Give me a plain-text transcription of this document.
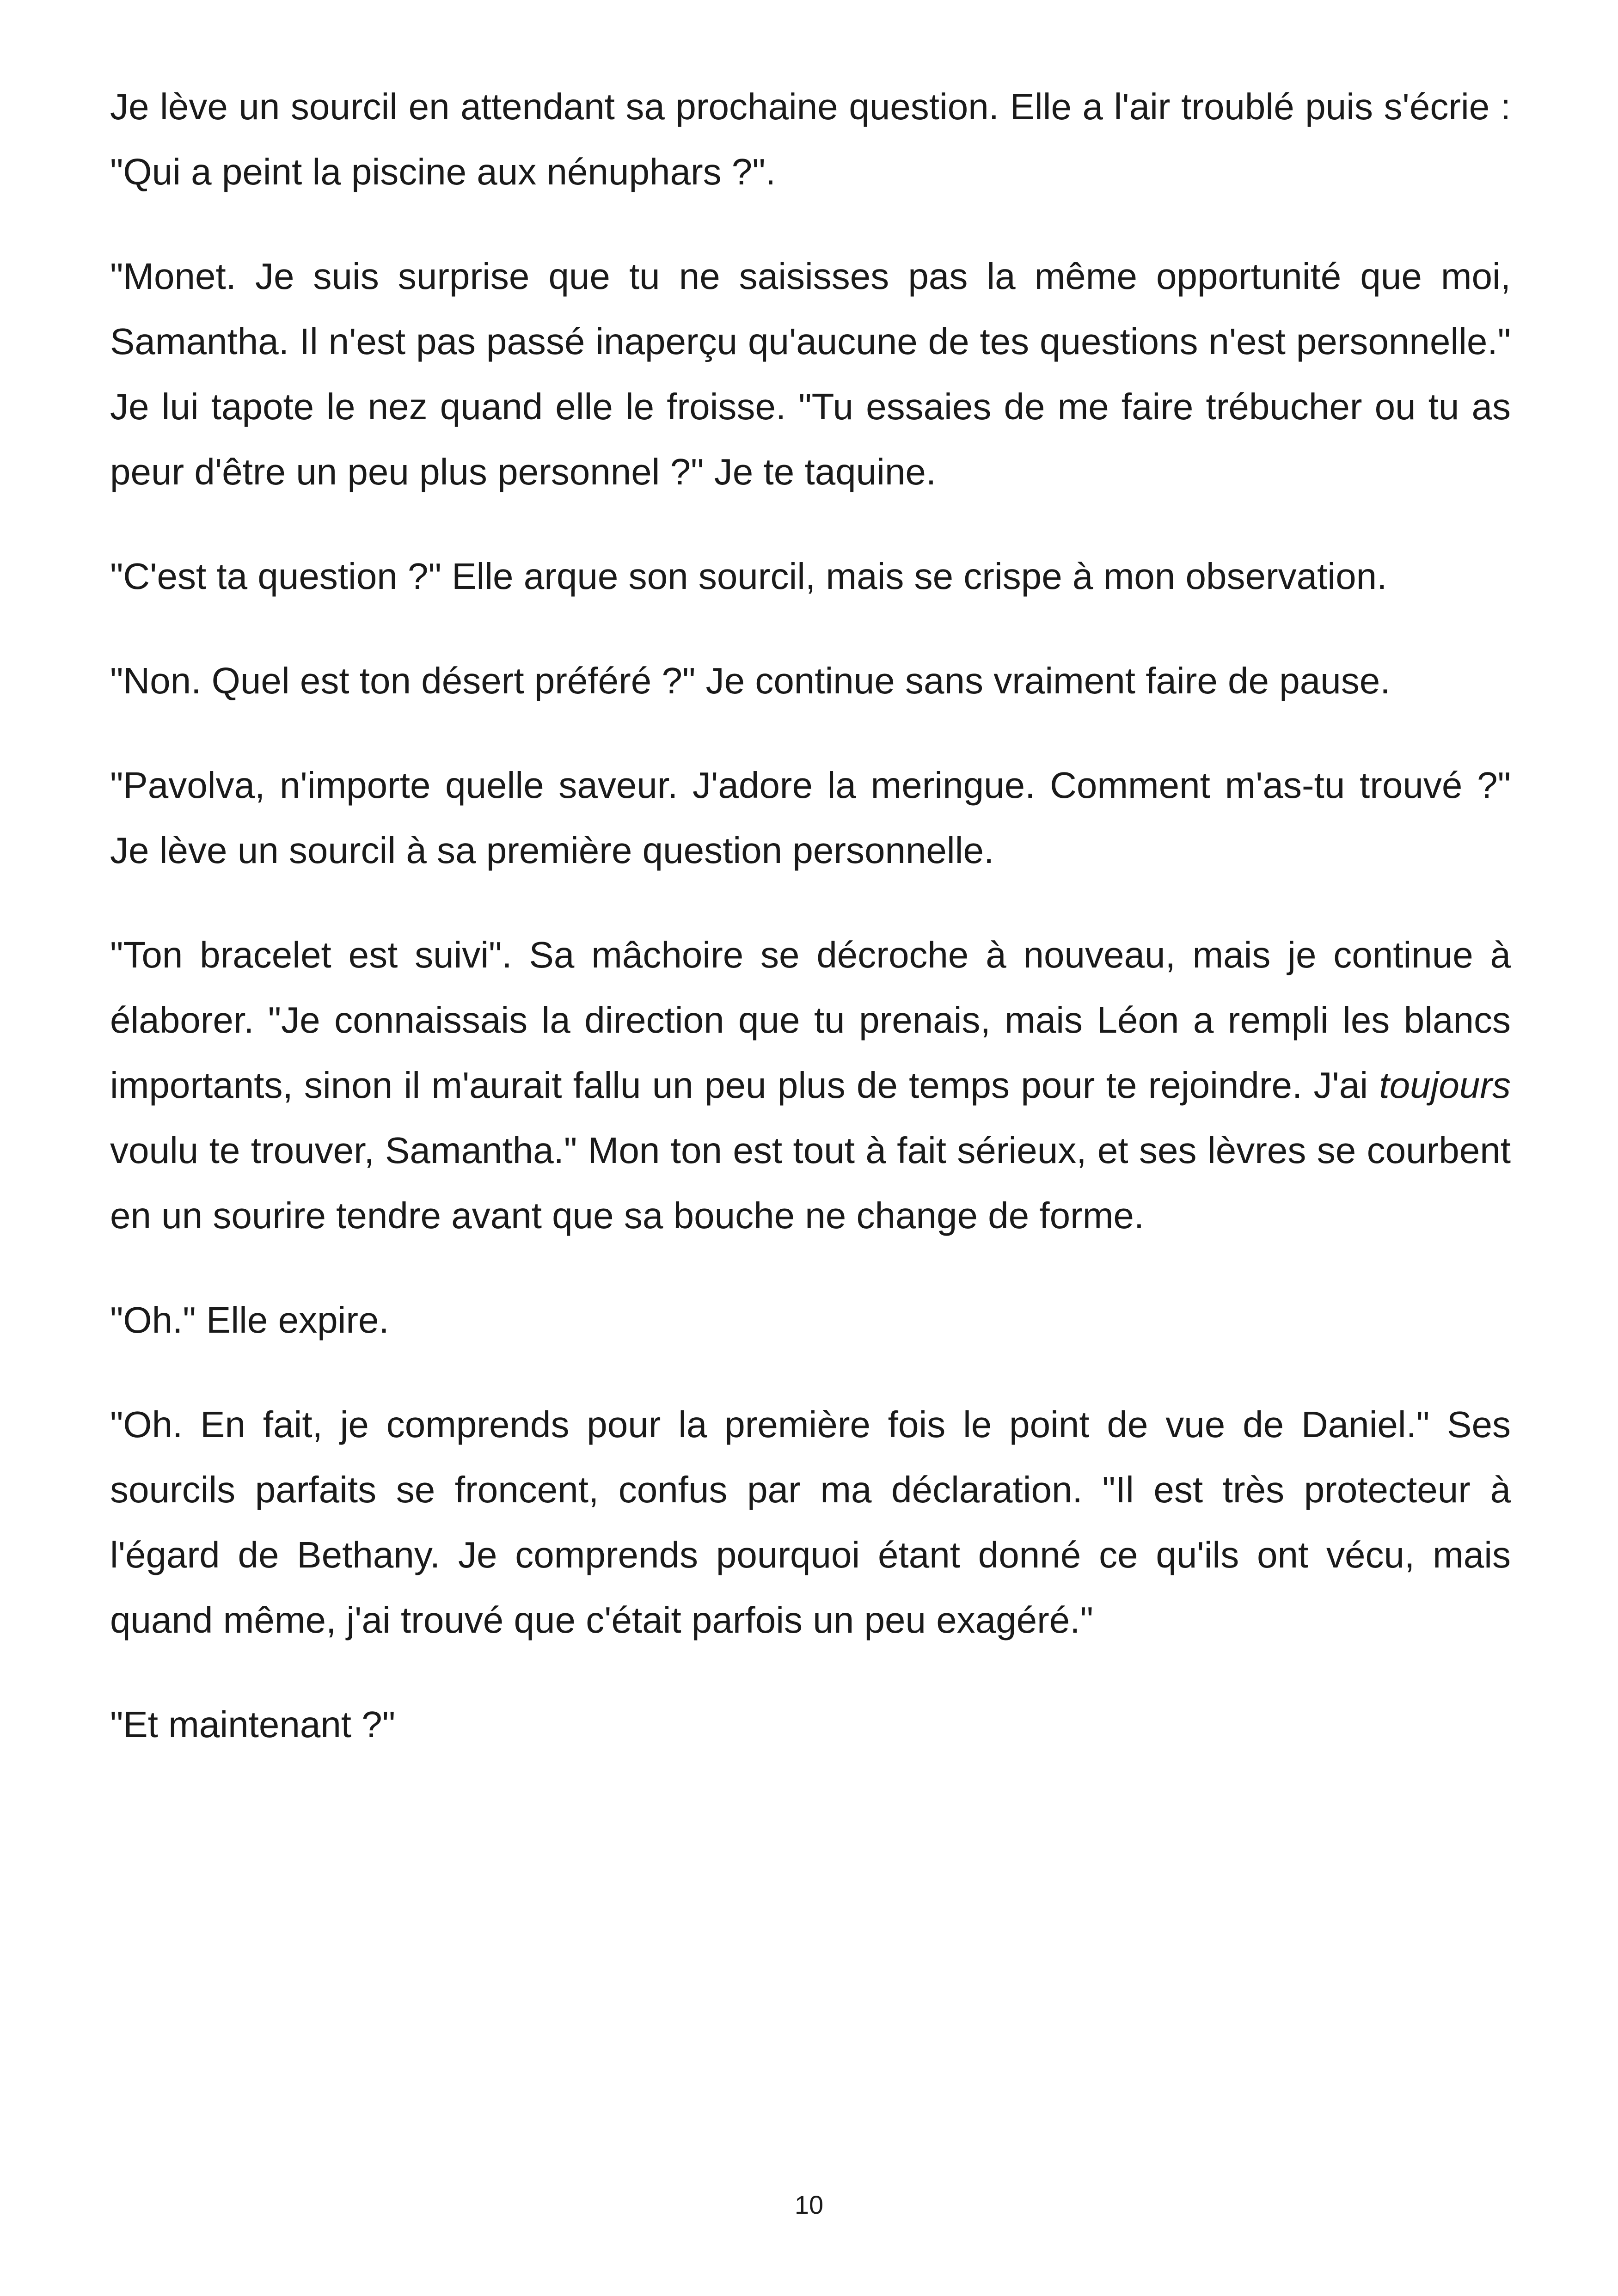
Je lève un sourcil en attendant sa prochaine question. Elle a l'air troublé puis s'écrie : "Qui a peint la piscine aux nénuphars ?".

"Monet. Je suis surprise que tu ne saisisses pas la même opportunité que moi, Samantha. Il n'est pas passé inaperçu qu'aucune de tes questions n'est personnelle." Je lui tapote le nez quand elle le froisse. "Tu essaies de me faire trébucher ou tu as peur d'être un peu plus personnel ?" Je te taquine.

"C'est ta question ?" Elle arque son sourcil, mais se crispe à mon observation.

"Non. Quel est ton désert préféré ?" Je continue sans vraiment faire de pause.

"Pavolva, n'importe quelle saveur. J'adore la meringue. Comment m'as-tu trouvé ?" Je lève un sourcil à sa première question personnelle.

"Ton bracelet est suivi". Sa mâchoire se décroche à nouveau, mais je continue à élaborer. "Je connaissais la direction que tu prenais, mais Léon a rempli les blancs importants, sinon il m'aurait fallu un peu plus de temps pour te rejoindre. J'ai toujours voulu te trouver, Samantha." Mon ton est tout à fait sérieux, et ses lèvres se courbent en un sourire tendre avant que sa bouche ne change de forme.

"Oh." Elle expire.

"Oh. En fait, je comprends pour la première fois le point de vue de Daniel." Ses sourcils parfaits se froncent, confus par ma déclaration. "Il est très protecteur à l'égard de Bethany. Je comprends pourquoi étant donné ce qu'ils ont vécu, mais quand même, j'ai trouvé que c'était parfois un peu exagéré."

"Et maintenant ?"

10
